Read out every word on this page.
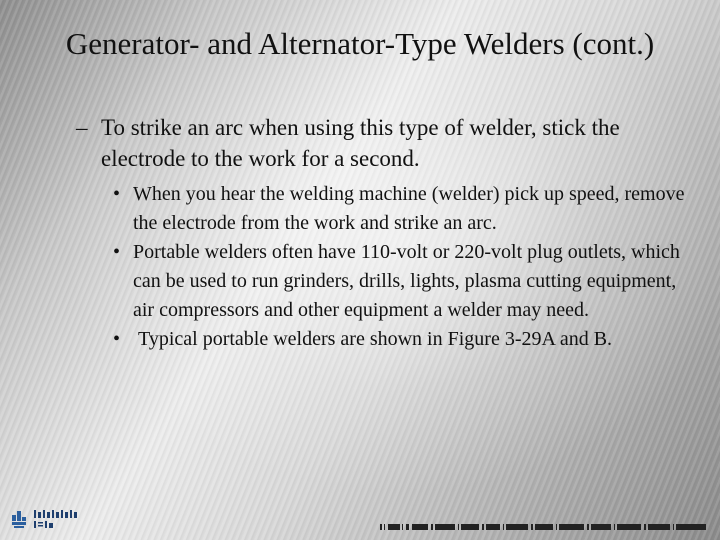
Generator- and Alternator-Type Welders (cont.)
– To strike an arc when using this type of welder, stick the electrode to the work for a second.
• When you hear the welding machine (welder) pick up speed, remove the electrode from the work and strike an arc.
• Portable welders often have 110-volt or 220-volt plug outlets, which can be used to run grinders, drills, lights, plasma cutting equipment, air compressors and other equipment a welder may need.
• Typical portable welders are shown in Figure 3-29A and B.
